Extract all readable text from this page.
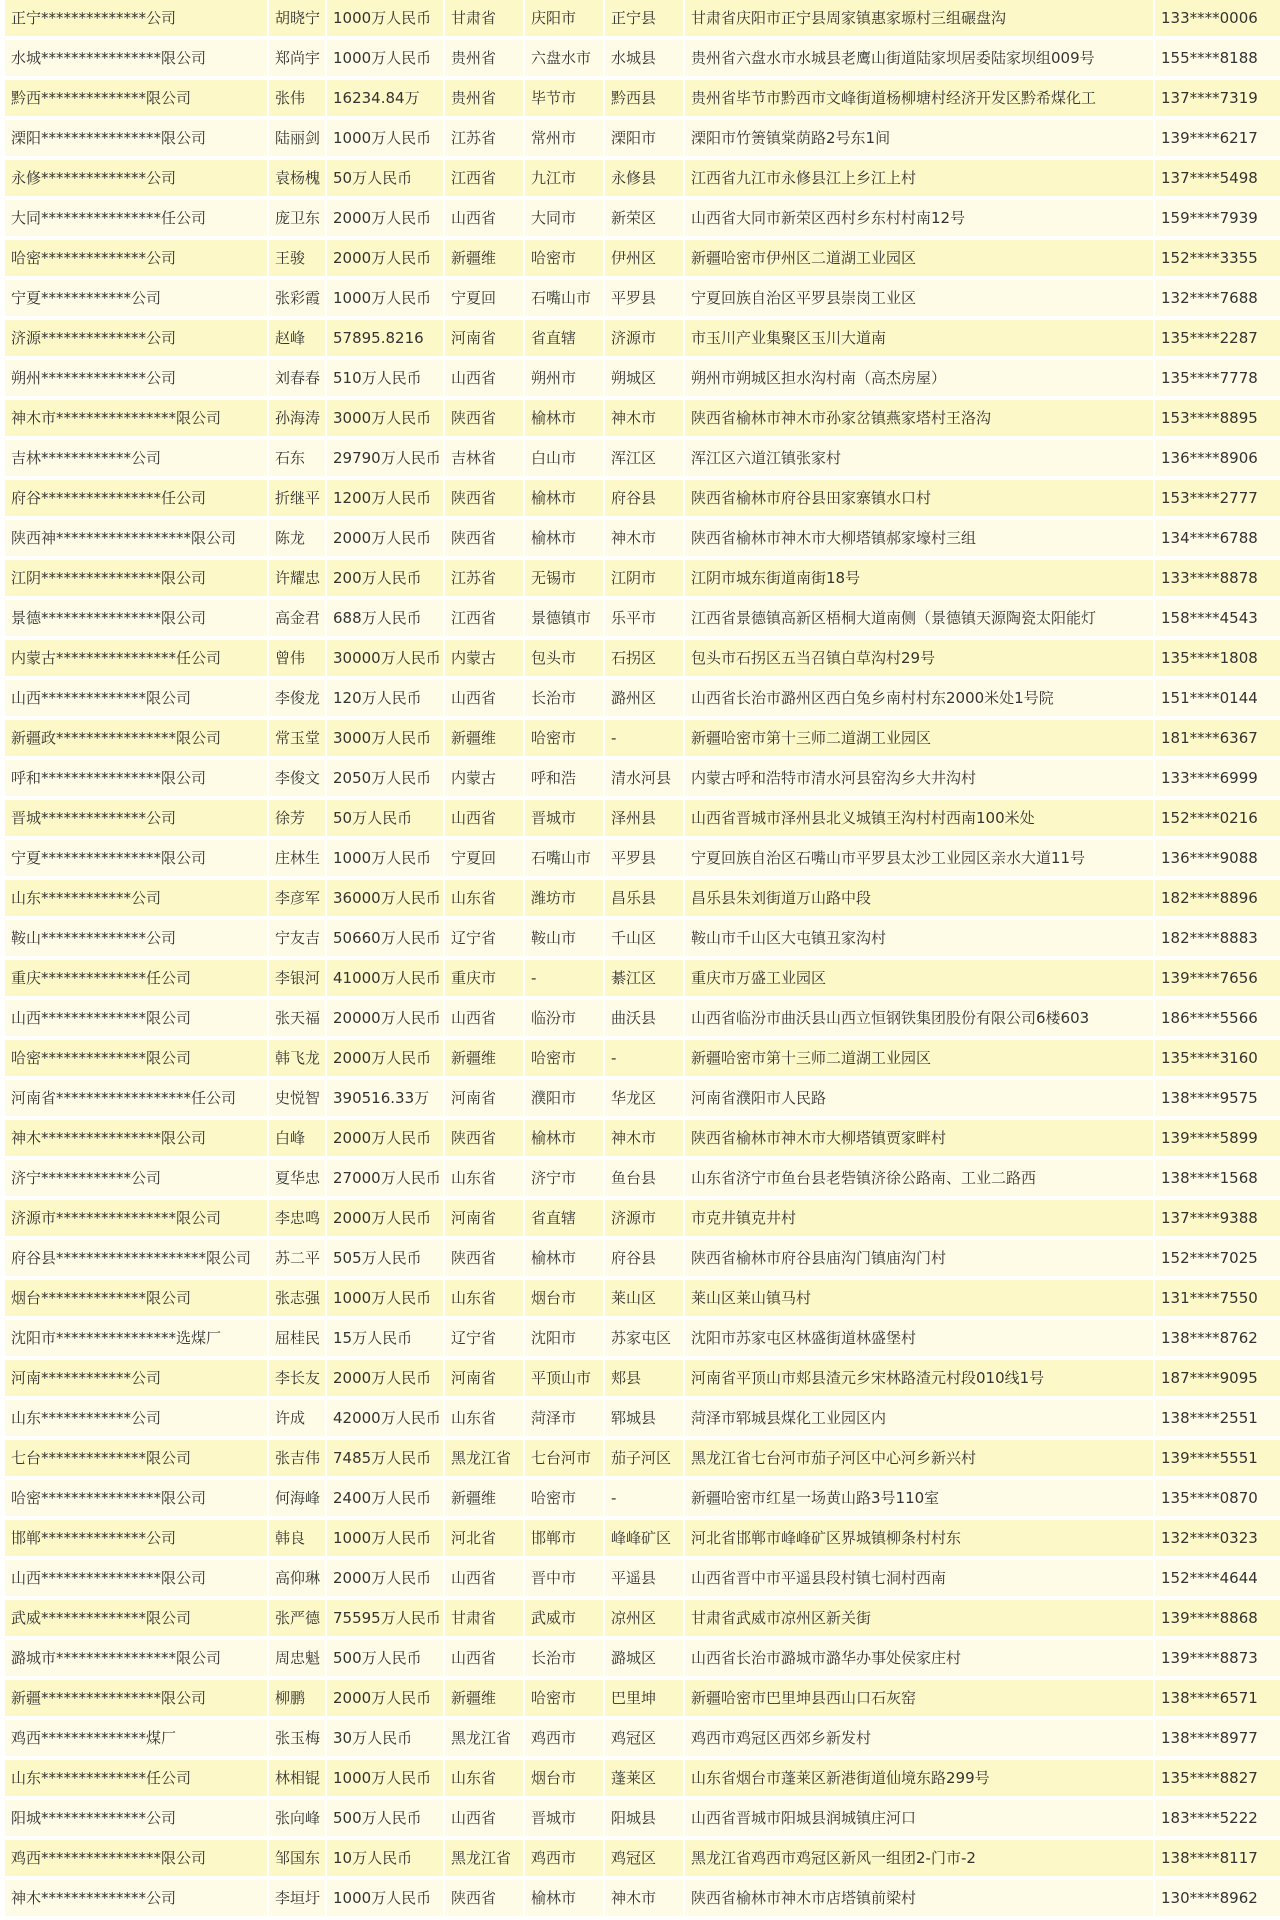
正宁**************公司	胡晓宁	1000万人民币	甘肃省	庆阳市	正宁县	甘肃省庆阳市正宁县周家镇惠家塬村三组碾盘沟	133****0006
水城****************限公司	郑尚宇	1000万人民币	贵州省	六盘水市	水城县	贵州省六盘水市水城县老鹰山街道陆家坝居委陆家坝组009号	155****8188
黔西**************限公司	张伟	16234.84万	贵州省	毕节市	黔西县	贵州省毕节市黔西市文峰街道杨柳塘村经济开发区黔希煤化工	137****7319
溧阳****************限公司	陆丽剑	1000万人民币	江苏省	常州市	溧阳市	溧阳市竹箦镇棠荫路2号东1间	139****6217
永修**************公司	袁杨槐	50万人民币	江西省	九江市	永修县	江西省九江市永修县江上乡江上村	137****5498
大同****************任公司	庞卫东	2000万人民币	山西省	大同市	新荣区	山西省大同市新荣区西村乡东村村南12号	159****7939
哈密**************公司	王骏	2000万人民币	新疆维	哈密市	伊州区	新疆哈密市伊州区二道湖工业园区	152****3355
宁夏************公司	张彩霞	1000万人民币	宁夏回	石嘴山市	平罗县	宁夏回族自治区平罗县崇岗工业区	132****7688
济源**************公司	赵峰	57895.8216	河南省	省直辖	济源市	市玉川产业集聚区玉川大道南	135****2287
朔州**************公司	刘春春	510万人民币	山西省	朔州市	朔城区	朔州市朔城区担水沟村南（高杰房屋）	135****7778
神木市****************限公司	孙海涛	3000万人民币	陕西省	榆林市	神木市	陕西省榆林市神木市孙家岔镇燕家塔村王洛沟	153****8895
吉林************公司	石东	29790万人民币	吉林省	白山市	浑江区	浑江区六道江镇张家村	136****8906
府谷****************任公司	折继平	1200万人民币	陕西省	榆林市	府谷县	陕西省榆林市府谷县田家寨镇水口村	153****2777
陕西神******************限公司	陈龙	2000万人民币	陕西省	榆林市	神木市	陕西省榆林市神木市大柳塔镇郝家壕村三组	134****6788
江阴****************限公司	许耀忠	200万人民币	江苏省	无锡市	江阴市	江阴市城东街道南街18号	133****8878
景德****************限公司	高金君	688万人民币	江西省	景德镇市	乐平市	江西省景德镇高新区梧桐大道南侧（景德镇天源陶瓷太阳能灯	158****4543
内蒙古****************任公司	曾伟	30000万人民币	内蒙古	包头市	石拐区	包头市石拐区五当召镇白草沟村29号	135****1808
山西**************限公司	李俊龙	120万人民币	山西省	长治市	潞州区	山西省长治市潞州区西白兔乡南村村东2000米处1号院	151****0144
新疆政****************限公司	常玉堂	3000万人民币	新疆维	哈密市	-	新疆哈密市第十三师二道湖工业园区	181****6367
呼和****************限公司	李俊文	2050万人民币	内蒙古	呼和浩	清水河县	内蒙古呼和浩特市清水河县窑沟乡大井沟村	133****6999
晋城**************公司	徐芳	50万人民币	山西省	晋城市	泽州县	山西省晋城市泽州县北义城镇王沟村村西南100米处	152****0216
宁夏****************限公司	庄林生	1000万人民币	宁夏回	石嘴山市	平罗县	宁夏回族自治区石嘴山市平罗县太沙工业园区亲水大道11号	136****9088
山东************公司	李彦军	36000万人民币	山东省	潍坊市	昌乐县	昌乐县朱刘街道万山路中段	182****8896
鞍山**************公司	宁友吉	50660万人民币	辽宁省	鞍山市	千山区	鞍山市千山区大屯镇丑家沟村	182****8883
重庆**************任公司	李银河	41000万人民币	重庆市	-	綦江区	重庆市万盛工业园区	139****7656
山西**************限公司	张天福	20000万人民币	山西省	临汾市	曲沃县	山西省临汾市曲沃县山西立恒钢铁集团股份有限公司6楼603	186****5566
哈密**************限公司	韩飞龙	2000万人民币	新疆维	哈密市	-	新疆哈密市第十三师二道湖工业园区	135****3160
河南省******************任公司	史悦智	390516.33万	河南省	濮阳市	华龙区	河南省濮阳市人民路	138****9575
神木****************限公司	白峰	2000万人民币	陕西省	榆林市	神木市	陕西省榆林市神木市大柳塔镇贾家畔村	139****5899
济宁************公司	夏华忠	27000万人民币	山东省	济宁市	鱼台县	山东省济宁市鱼台县老砦镇济徐公路南、工业二路西	138****1568
济源市****************限公司	李忠鸣	2000万人民币	河南省	省直辖	济源市	市克井镇克井村	137****9388
府谷县********************限公司	苏二平	505万人民币	陕西省	榆林市	府谷县	陕西省榆林市府谷县庙沟门镇庙沟门村	152****7025
烟台**************限公司	张志强	1000万人民币	山东省	烟台市	莱山区	莱山区莱山镇马村	131****7550
沈阳市****************选煤厂	屈桂民	15万人民币	辽宁省	沈阳市	苏家屯区	沈阳市苏家屯区林盛街道林盛堡村	138****8762
河南************公司	李长友	2000万人民币	河南省	平顶山市	郏县	河南省平顶山市郏县渣元乡宋林路渣元村段010线1号	187****9095
山东************公司	许成	42000万人民币	山东省	菏泽市	郓城县	菏泽市郓城县煤化工业园区内	138****2551
七台**************限公司	张吉伟	7485万人民币	黑龙江省	七台河市	茄子河区	黑龙江省七台河市茄子河区中心河乡新兴村	139****5551
哈密****************限公司	何海峰	2400万人民币	新疆维	哈密市	-	新疆哈密市红星一场黄山路3号110室	135****0870
邯郸**************公司	韩良	1000万人民币	河北省	邯郸市	峰峰矿区	河北省邯郸市峰峰矿区界城镇柳条村村东	132****0323
山西****************限公司	高仰琳	2000万人民币	山西省	晋中市	平遥县	山西省晋中市平遥县段村镇七洞村西南	152****4644
武威**************限公司	张严德	75595万人民币	甘肃省	武威市	凉州区	甘肃省武威市凉州区新关街	139****8868
潞城市****************限公司	周忠魁	500万人民币	山西省	长治市	潞城区	山西省长治市潞城市潞华办事处侯家庄村	139****8873
新疆****************限公司	柳鹏	2000万人民币	新疆维	哈密市	巴里坤	新疆哈密市巴里坤县西山口石灰窑	138****6571
鸡西**************煤厂	张玉梅	30万人民币	黑龙江省	鸡西市	鸡冠区	鸡西市鸡冠区西郊乡新发村	138****8977
山东**************任公司	林相锟	1000万人民币	山东省	烟台市	蓬莱区	山东省烟台市蓬莱区新港街道仙境东路299号	135****8827
阳城**************公司	张向峰	500万人民币	山西省	晋城市	阳城县	山西省晋城市阳城县润城镇庄河口	183****5222
鸡西****************限公司	邹国东	10万人民币	黑龙江省	鸡西市	鸡冠区	黑龙江省鸡西市鸡冠区新风一组团2-门市-2	138****8117
神木**************公司	李垣圩	1000万人民币	陕西省	榆林市	神木市	陕西省榆林市神木市店塔镇前梁村	130****8962
